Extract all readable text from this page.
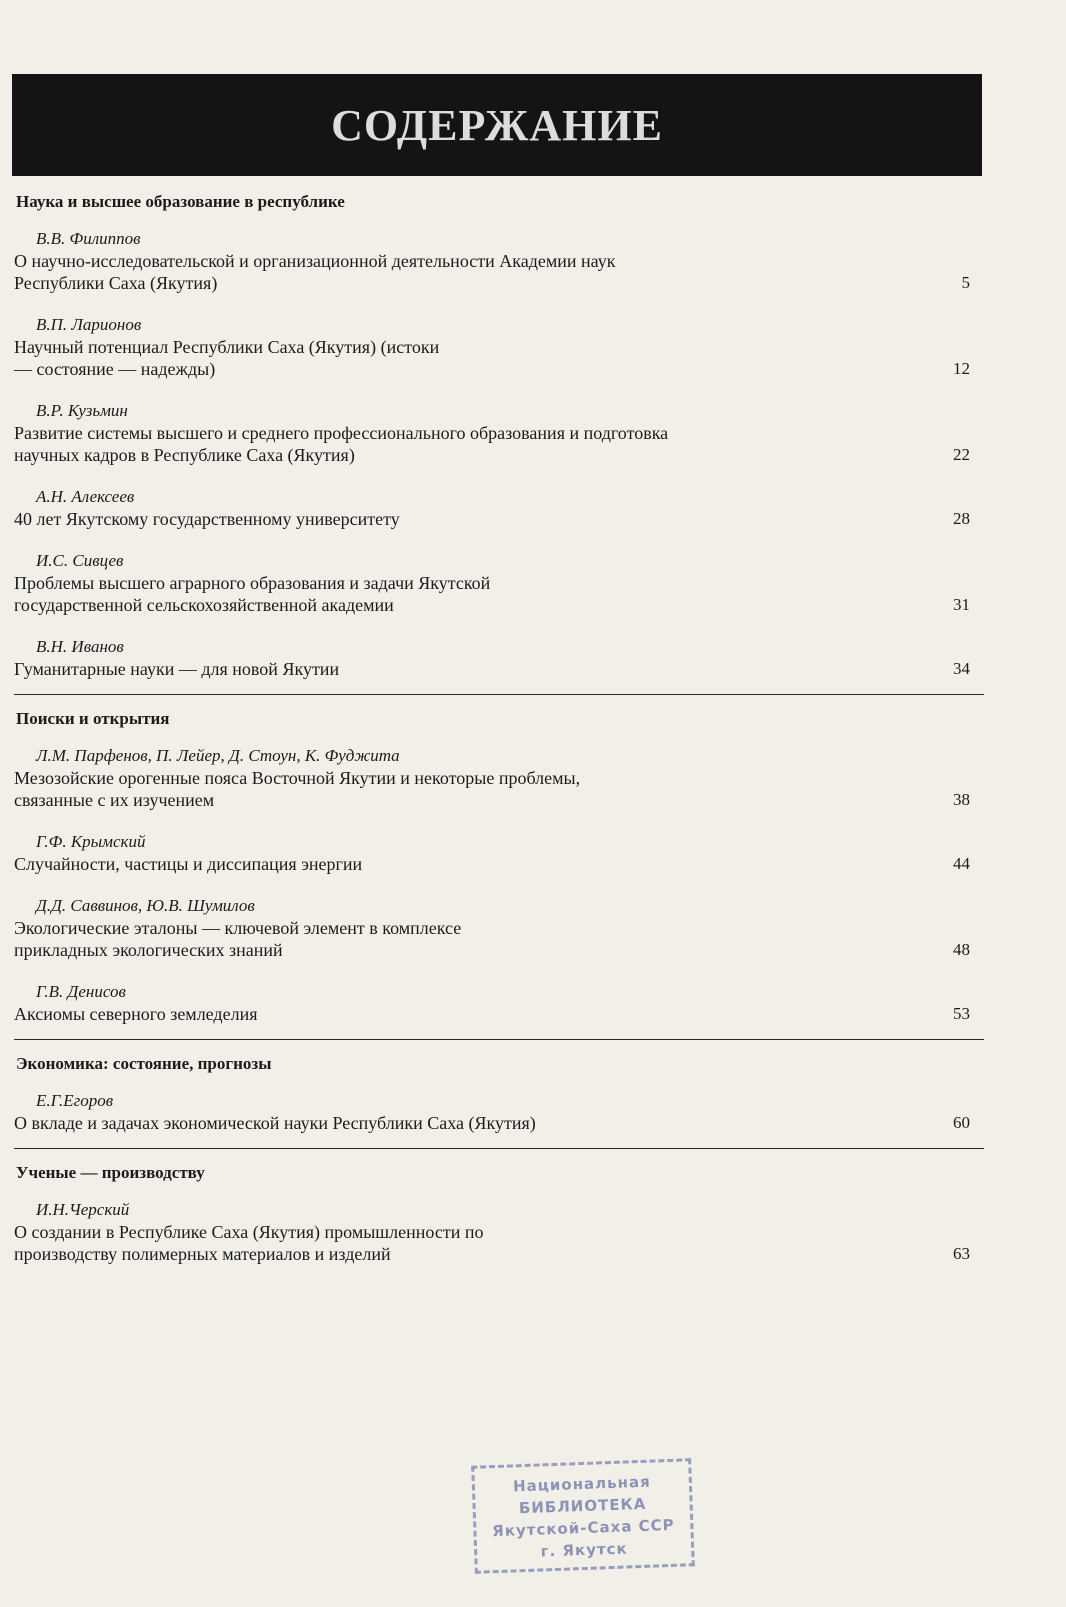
СОДЕРЖАНИЕ
Наука и высшее образование в республике
В.В. Филиппов
О научно-исследовательской и организационной деятельности Академии наук Республики Саха (Якутия)	5
В.П. Ларионов
Научный потенциал Республики Саха (Якутия) (истоки — состояние — надежды)	12
В.Р. Кузьмин
Развитие системы высшего и среднего профессионального образования и подготовка научных кадров в Республике Саха (Якутия)	22
А.Н. Алексеев
40 лет Якутскому государственному университету	28
И.С. Сивцев
Проблемы высшего аграрного образования и задачи Якутской государственной сельскохозяйственной академии	31
В.Н. Иванов
Гуманитарные науки — для новой Якутии	34
Поиски и открытия
Л.М. Парфенов, П. Лейер, Д. Стоун, К. Фуджита
Мезозойские орогенные пояса Восточной Якутии и некоторые проблемы, связанные с их изучением	38
Г.Ф. Крымский
Случайности, частицы и диссипация энергии	44
Д.Д. Саввинов, Ю.В. Шумилов
Экологические эталоны — ключевой элемент в комплексе прикладных экологических знаний	48
Г.В. Денисов
Аксиомы северного земледелия	53
Экономика: состояние, прогнозы
Е.Г.Егоров
О вкладе и задачах экономической науки Республики Саха (Якутия)	60
Ученые — производству
И.Н.Черский
О создании в Республике Саха (Якутия) промышленности по производству полимерных материалов и изделий	63
Национальная
БИБЛИОТЕКА
Якутской-Саха ССР
г. Якутск
